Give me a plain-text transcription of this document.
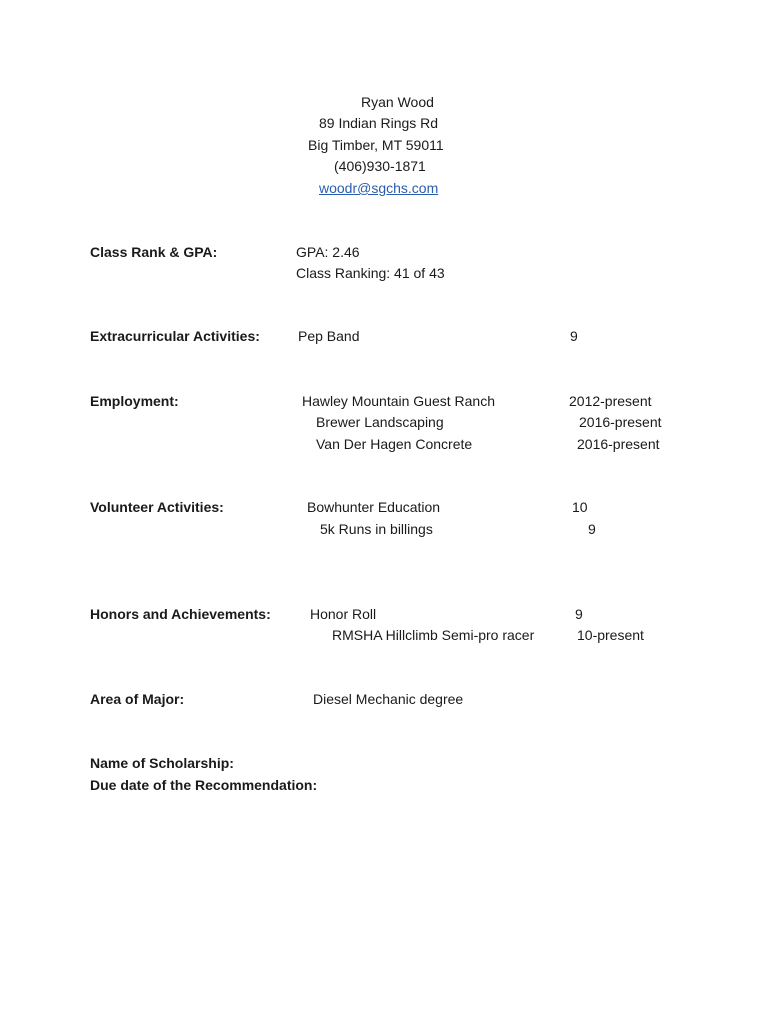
Ryan Wood
89 Indian Rings Rd
Big Timber, MT 59011
(406)930-1871
woodr@sgchs.com
Class Rank & GPA:	GPA: 2.46
Class Ranking: 41 of 43
Extracurricular Activities:	Pep Band	9
Employment:	Hawley Mountain Guest Ranch	2012-present
Brewer Landscaping	2016-present
Van Der Hagen Concrete	2016-present
Volunteer Activities:	Bowhunter Education	10
5k Runs in billings	9
Honors and Achievements:	Honor Roll	9
RMSHA Hillclimb Semi-pro racer	10-present
Area of Major:	Diesel Mechanic degree
Name of Scholarship:
Due date of the Recommendation:
